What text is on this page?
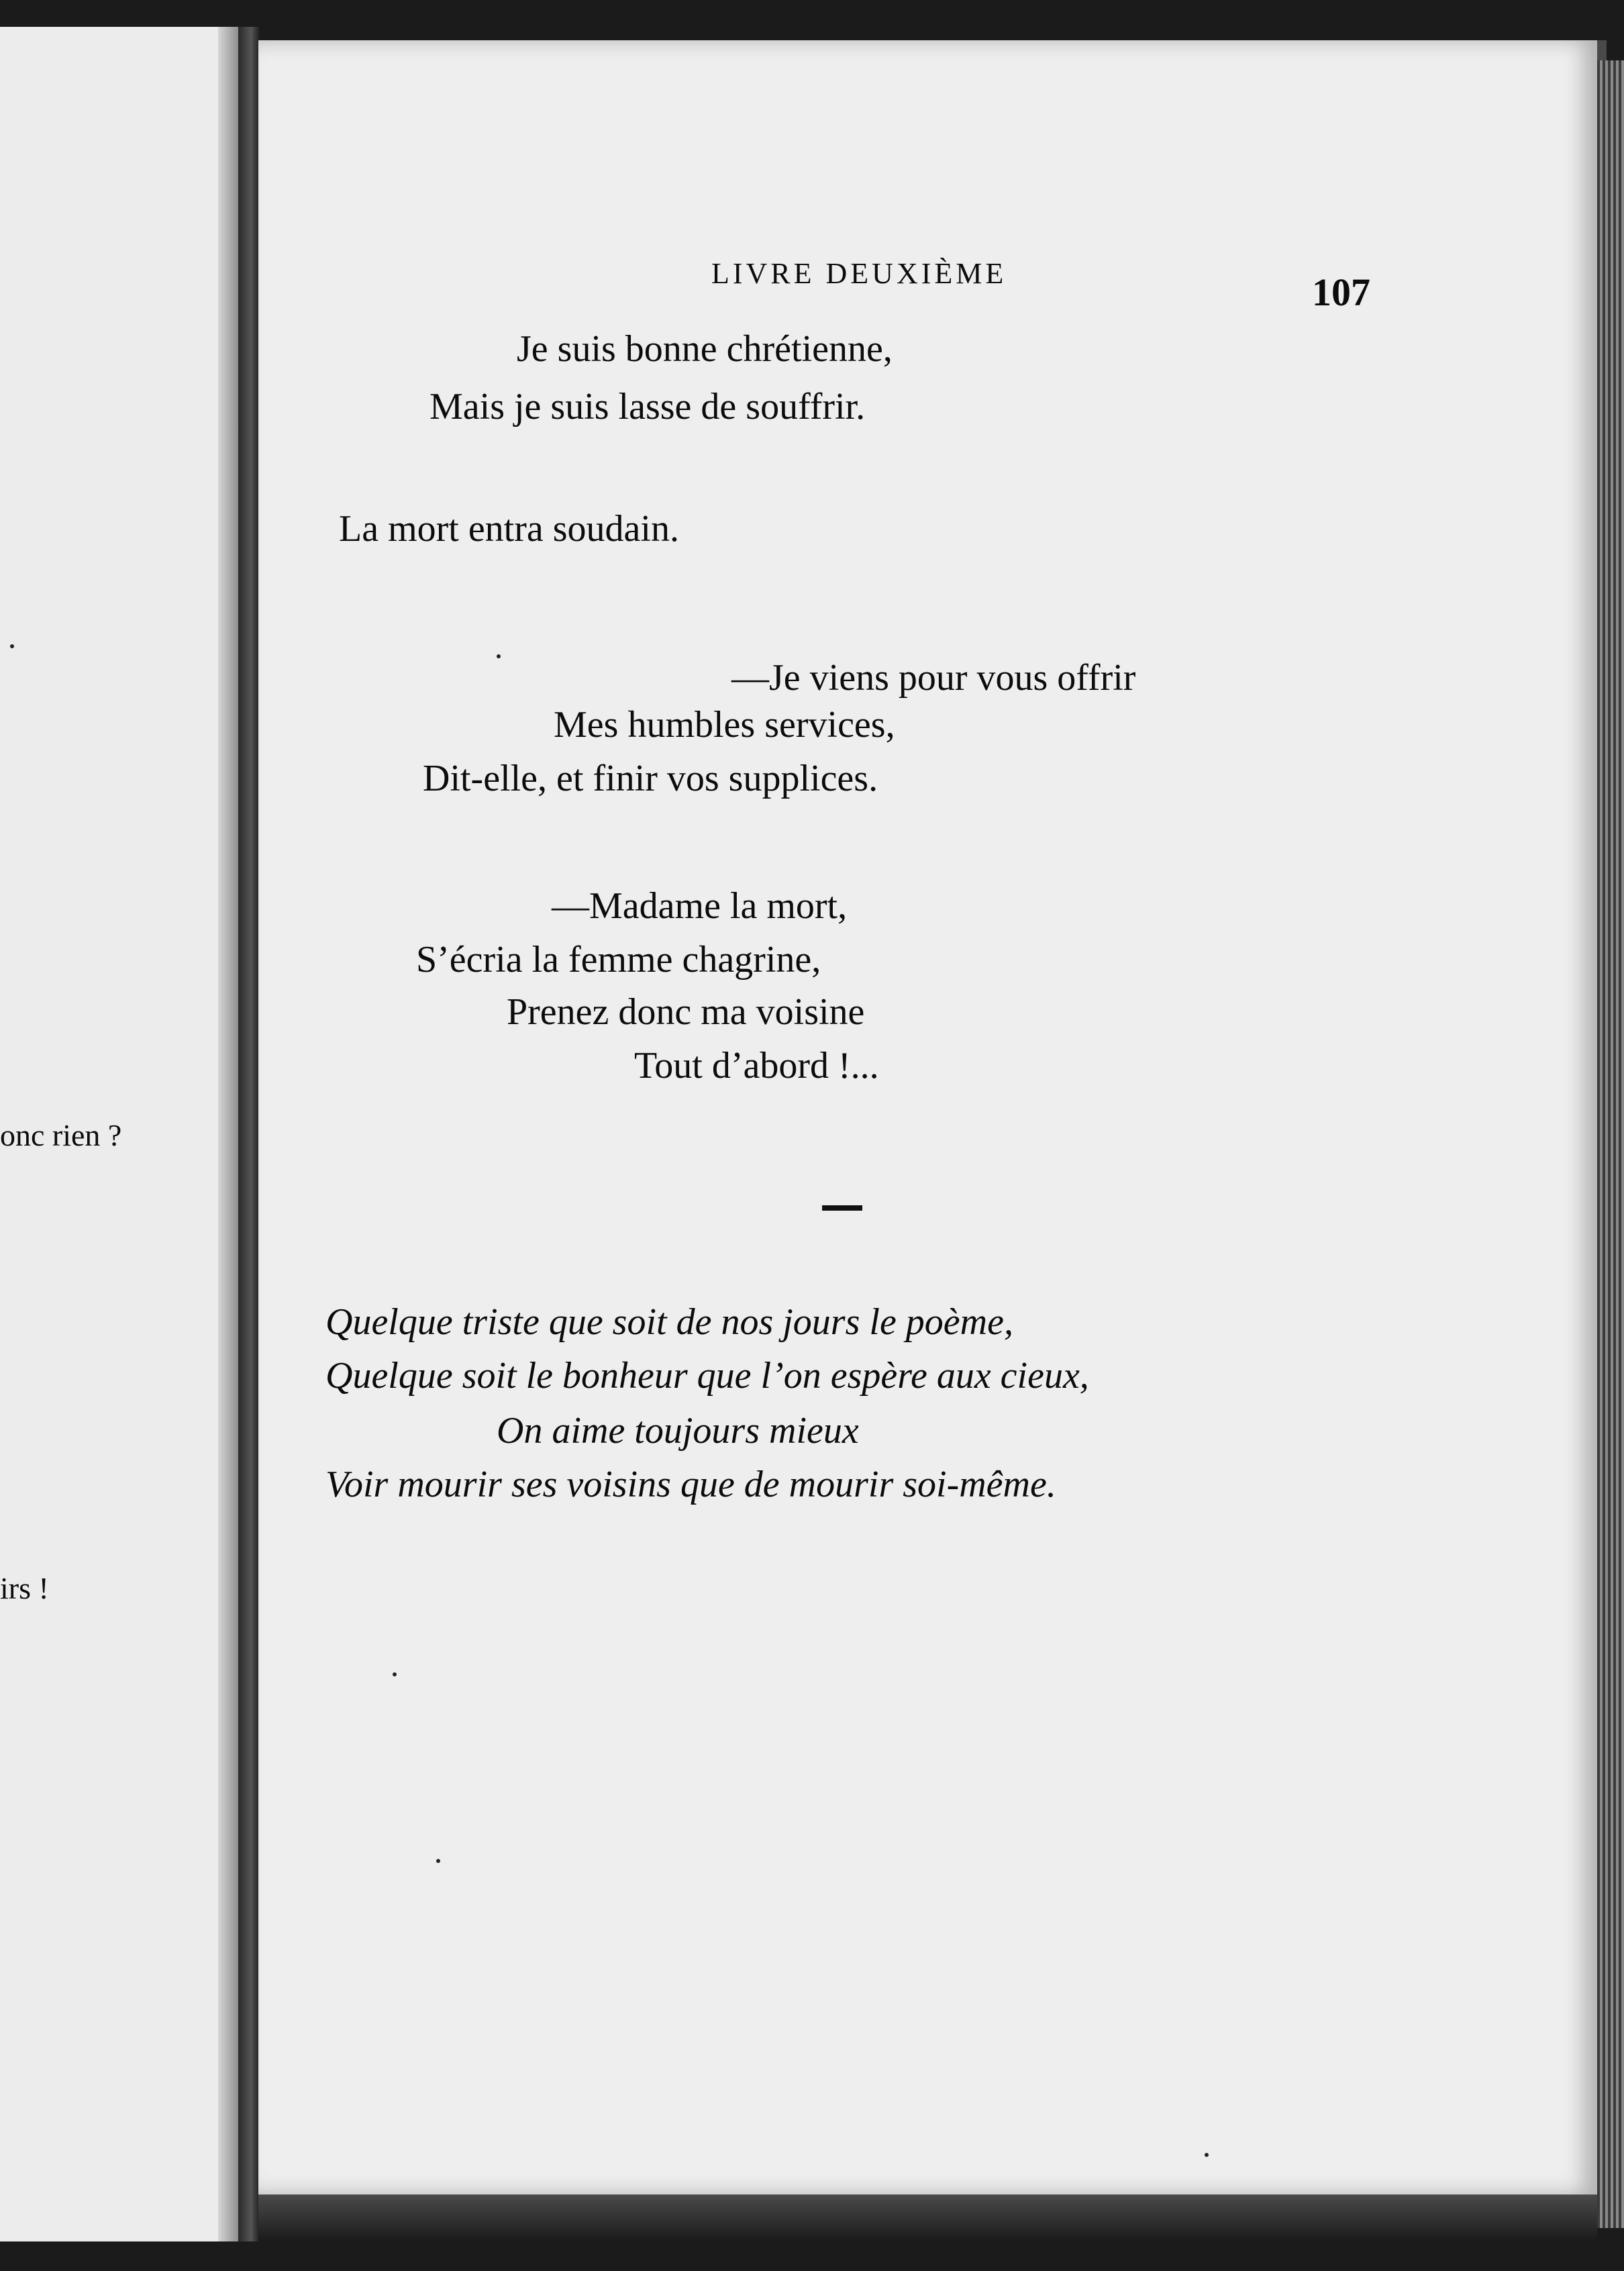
onc rien ?
irs !
LIVRE DEUXIÈME	107
Je suis bonne chrétienne,
Mais je suis lasse de souffrir.
La mort entra soudain.
—Je viens pour vous offrir
Mes humbles services,
Dit-elle, et finir vos supplices.
—Madame la mort,
S’écria la femme chagrine,
Prenez donc ma voisine
Tout d’abord !...
Quelque triste que soit de nos jours le poème,
Quelque soit le bonheur que l’on espère aux cieux,
On aime toujours mieux
Voir mourir ses voisins que de mourir soi-même.
